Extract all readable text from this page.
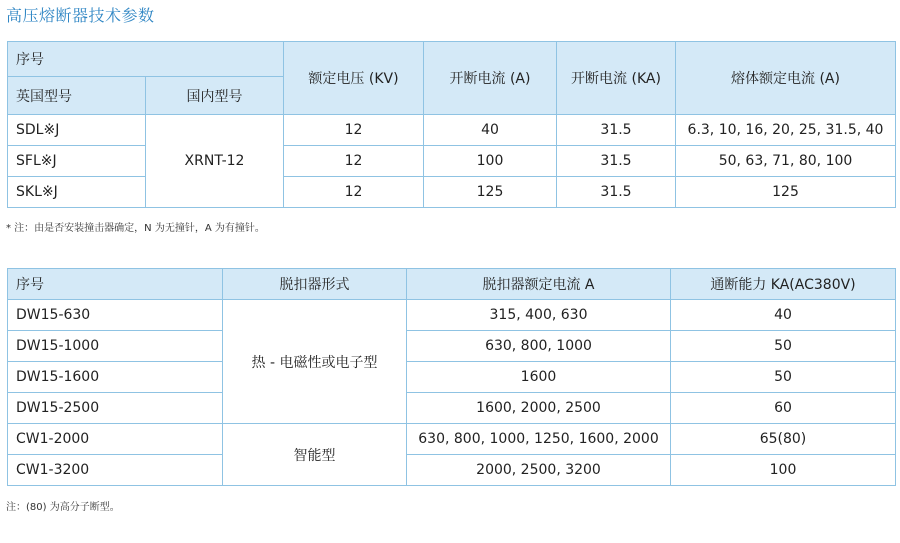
高压熔断器技术参数
序号		额定电压 (KV)	开断电流 (A)	开断电流 (KA)	熔体额定电流 (A)
英国型号	国内型号				
SDL※J	XRNT-12	12	40	31.5	6.3, 10, 16, 20, 25, 31.5, 40
SFL※J		12	100	31.5	50, 63, 71, 80, 100
SKL※J		12	125	31.5	125
* 注：由是否安装撞击器确定，N 为无撞针，A 为有撞针。
序号	脱扣器形式	脱扣器额定电流 A	通断能力 KA(AC380V)
DW15-630	热 - 电磁性或电子型	315, 400, 630	40
DW15-1000		630, 800, 1000	50
DW15-1600		1600	50
DW15-2500		1600, 2000, 2500	60
CW1-2000	智能型	630, 800, 1000, 1250, 1600, 2000	65(80)
CW1-3200		2000, 2500, 3200	100
注：(80) 为高分子断型。
